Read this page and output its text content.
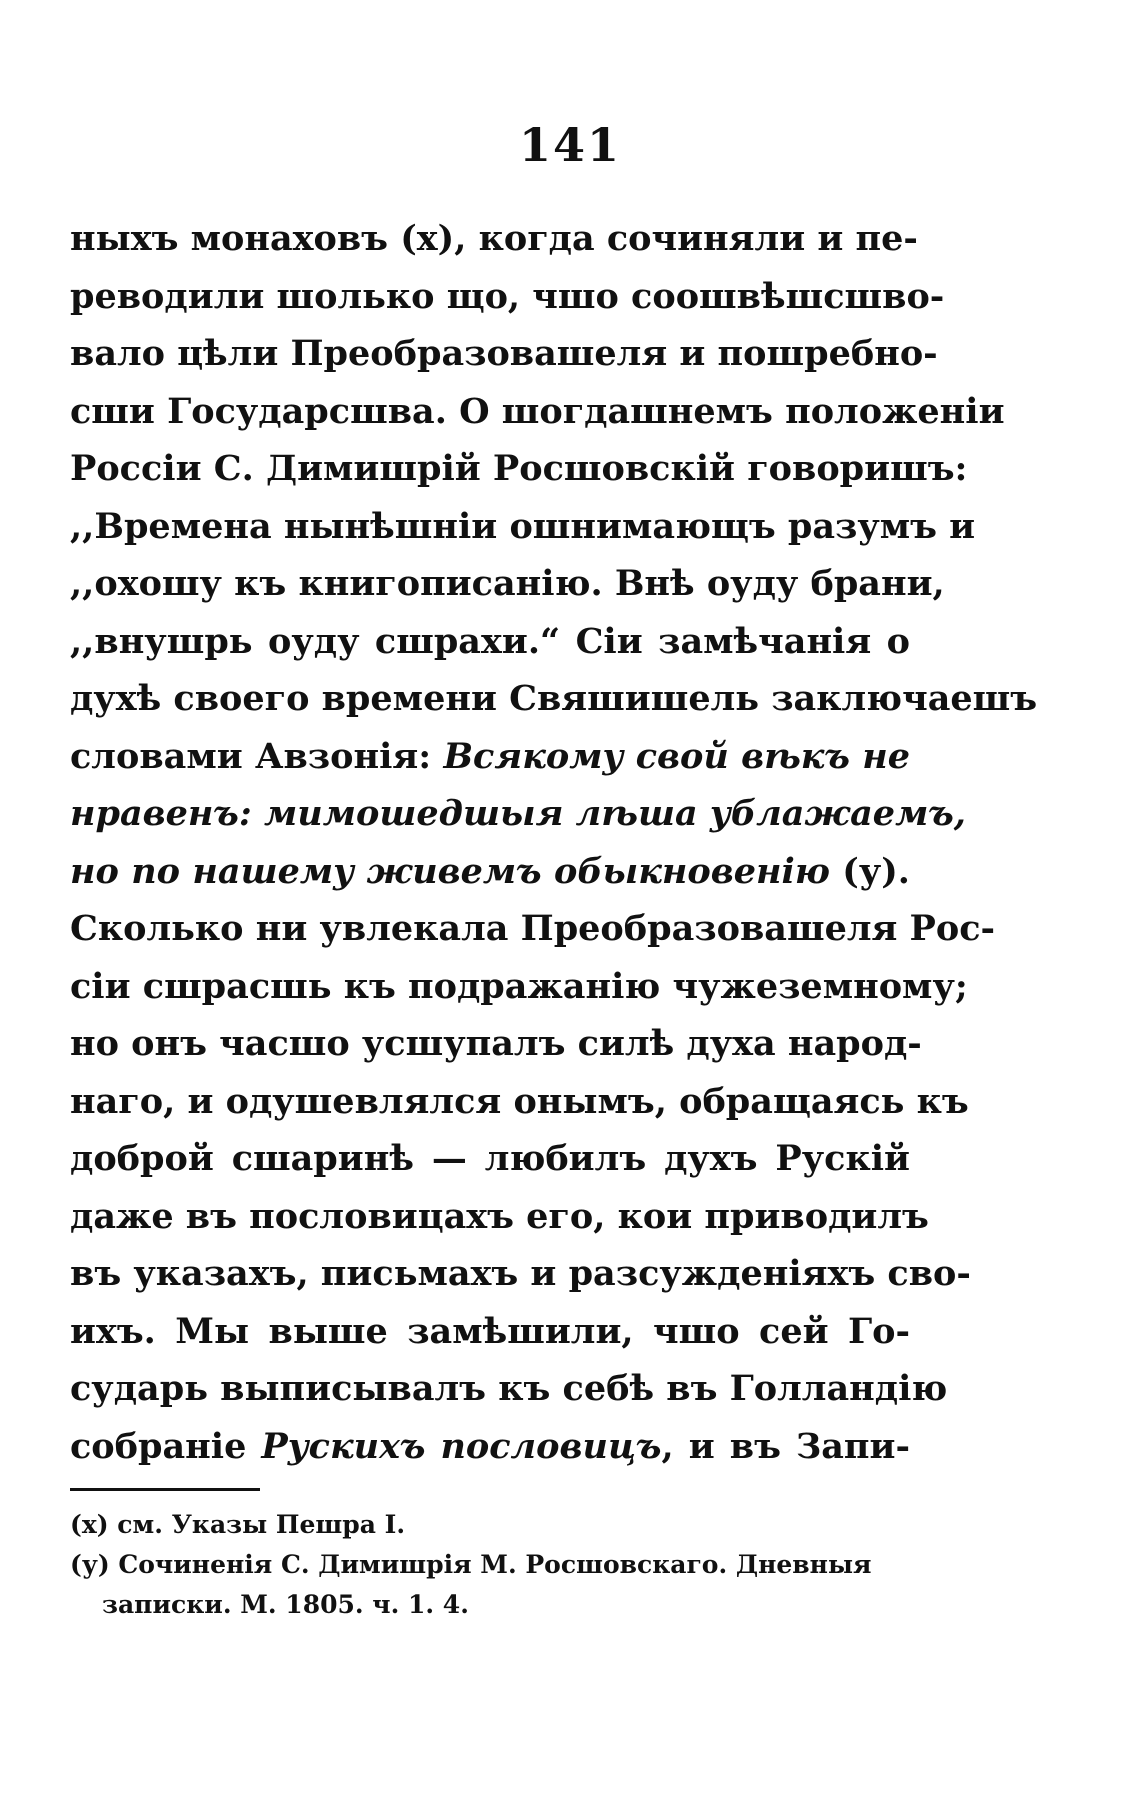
141
ныхъ монаховъ (х), когда сочиняли и пе-
реводили шолько що, чшо соошвѣшсшво-
вало цѣли Преобразовашеля и пошребно-
сши Государсшва. О шогдашнемъ положеніи
Россіи С. Димишрій Росшовскій говоришъ:
,,Времена нынѣшніи ошнимающъ разумъ и
,,охошу къ книгописанію. Внѣ оуду брани,
,,внушрь оуду сшрахи.“ Сіи замѣчанія о
духѣ своего времени Свяшишель заключаешъ
словами Авзонія: Всякому свой вѣкъ не
нравенъ: мимошедшыя лѣша ублажаемъ,
но по нашему живемъ обыкновенію (у).
Сколько ни увлекала Преобразовашеля Рос-
сіи сшрасшь къ подражанію чужеземному;
но онъ часшо усшупалъ силѣ духа народ-
наго, и одушевлялся онымъ, обращаясь къ
доброй сшаринѣ — любилъ духъ Рускій
даже въ пословицахъ его, кои приводилъ
въ указахъ, письмахъ и разсужденіяхъ сво-
ихъ. Мы выше замѣшили, чшо сей Го-
сударь выписывалъ къ себѣ въ Голландію
собраніе Рускихъ пословицъ, и въ Запи-
(х) см. Указы Пешра I.
(у) Сочиненія С. Димишрія М. Росшовскаго. Дневныя
записки. М. 1805. ч. 1. 4.
